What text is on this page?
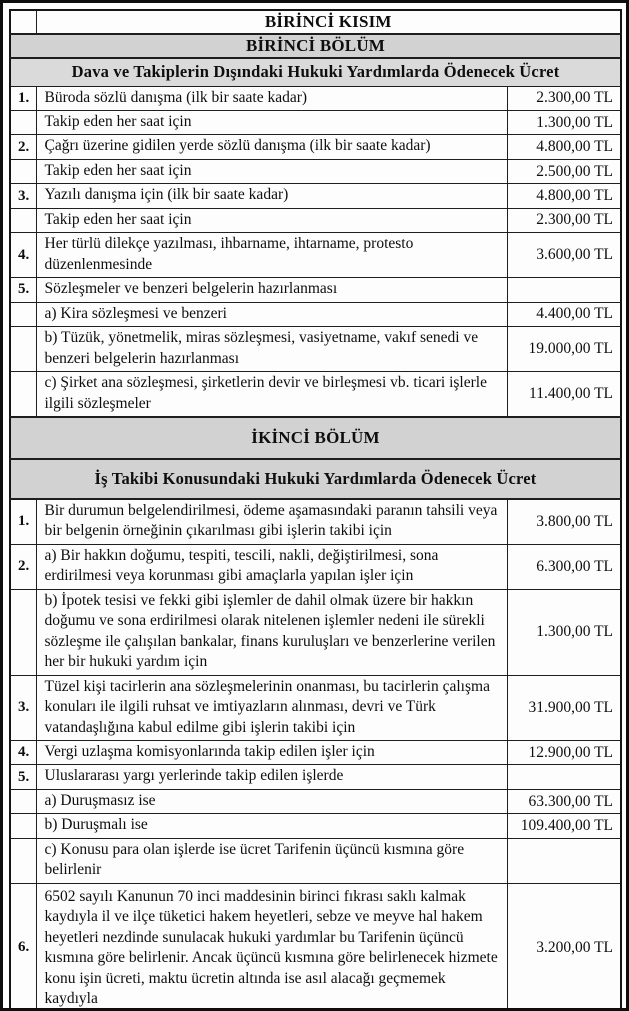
	BİRİNCİ KISIM	
BİRİNCİ BÖLÜM		
Dava ve Takiplerin Dışındaki Hukuki Yardımlarda Ödenecek Ücret		
1.	Büroda sözlü danışma (ilk bir saate kadar)	2.300,00 TL
	Takip eden her saat için	1.300,00 TL
2.	Çağrı üzerine gidilen yerde sözlü danışma (ilk bir saate kadar)	4.800,00 TL
	Takip eden her saat için	2.500,00 TL
3.	Yazılı danışma için (ilk bir saate kadar)	4.800,00 TL
	Takip eden her saat için	2.300,00 TL
4.	Her türlü dilekçe yazılması, ihbarname, ihtarname, protesto düzenlenmesinde	3.600,00 TL
5.	Sözleşmeler ve benzeri belgelerin hazırlanması	
	a) Kira sözleşmesi ve benzeri	4.400,00 TL
	b) Tüzük, yönetmelik, miras sözleşmesi, vasiyetname, vakıf senedi ve benzeri belgelerin hazırlanması	19.000,00 TL
	c) Şirket ana sözleşmesi, şirketlerin devir ve birleşmesi vb. ticari işlerle ilgili sözleşmeler	11.400,00 TL
İKİNCİ BÖLÜM		
İş Takibi Konusundaki Hukuki Yardımlarda Ödenecek Ücret		
1.	Bir durumun belgelendirilmesi, ödeme aşamasındaki paranın tahsili veya bir belgenin örneğinin çıkarılması gibi işlerin takibi için	3.800,00 TL
2.	a) Bir hakkın doğumu, tespiti, tescili, nakli, değiştirilmesi, sona erdirilmesi veya korunması gibi amaçlarla yapılan işler için	6.300,00 TL
	b) İpotek tesisi ve fekki gibi işlemler de dahil olmak üzere bir hakkın doğumu ve sona erdirilmesi olarak nitelenen işlemler nedeni ile sürekli sözleşme ile çalışılan bankalar, finans kuruluşları ve benzerlerine verilen her bir hukuki yardım için	1.300,00 TL
3.	Tüzel kişi tacirlerin ana sözleşmelerinin onanması, bu tacirlerin çalışma konuları ile ilgili ruhsat ve imtiyazların alınması, devri ve Türk vatandaşlığına kabul edilme gibi işlerin takibi için	31.900,00 TL
4.	Vergi uzlaşma komisyonlarında takip edilen işler için	12.900,00 TL
5.	Uluslararası yargı yerlerinde takip edilen işlerde	
	a) Duruşmasız ise	63.300,00 TL
	b) Duruşmalı ise	109.400,00 TL
	c) Konusu para olan işlerde ise ücret Tarifenin üçüncü kısmına göre belirlenir	
6.	6502 sayılı Kanunun 70 inci maddesinin birinci fıkrası saklı kalmak kaydıyla il ve ilçe tüketici hakem heyetleri, sebze ve meyve hal hakem heyetleri nezdinde sunulacak hukuki yardımlar bu Tarifenin üçüncü kısmına göre belirlenir. Ancak üçüncü kısmına göre belirlenecek hizmete konu işin ücreti, maktu ücretin altında ise asıl alacağı geçmemek kaydıyla	3.200,00 TL
